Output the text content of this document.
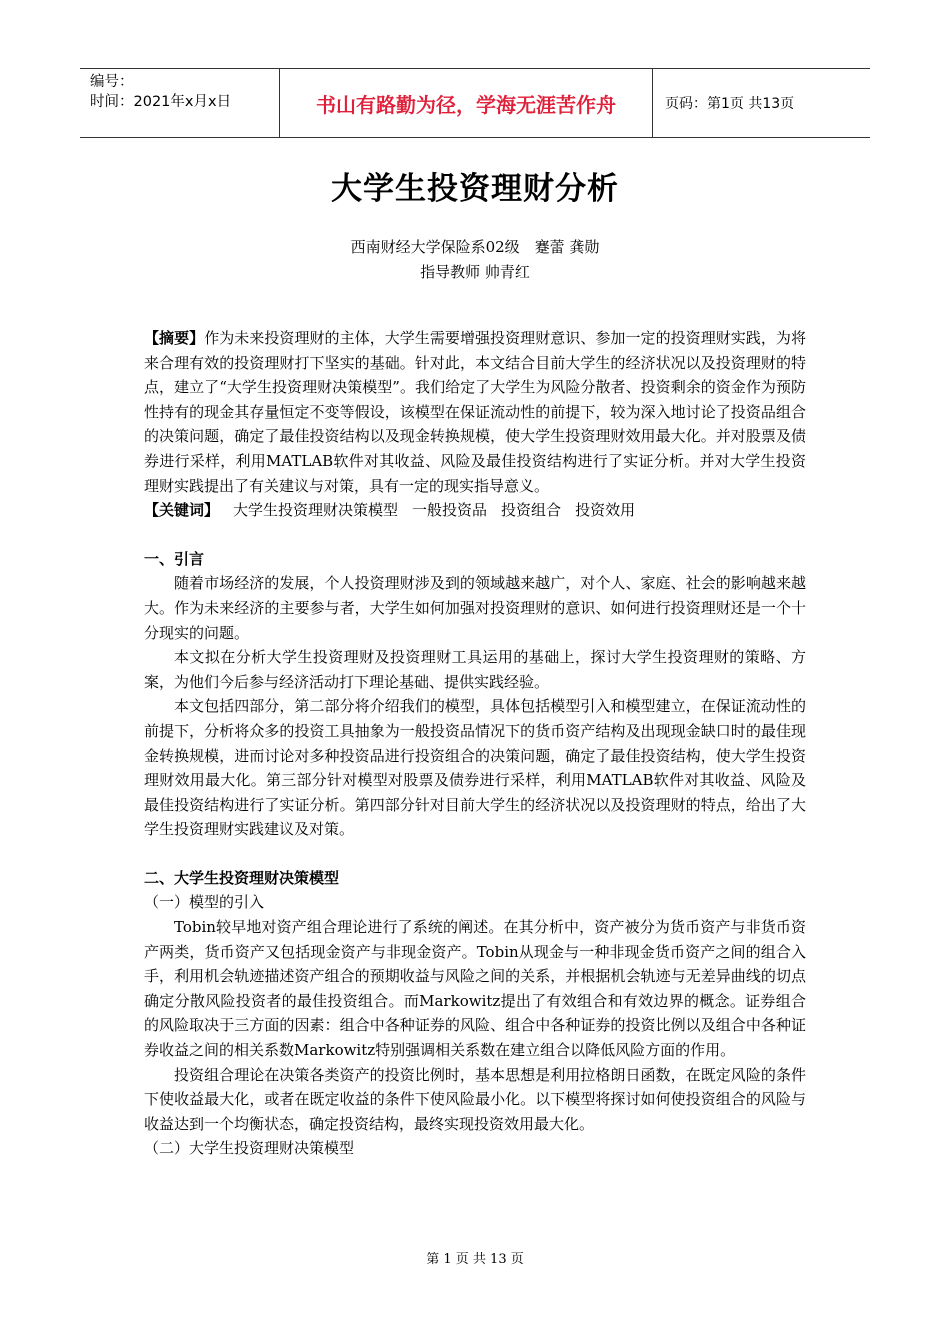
编号：
时间：2021年x月x日	书山有路勤为径，学海无涯苦作舟	页码：第1页 共13页
大学生投资理财分析
西南财经大学保险系02级　蹇蕾 龚勋
指导教师 帅青红

【摘要】作为未来投资理财的主体，大学生需要增强投资理财意识、参加一定的投资理财实践，为将来合理有效的投资理财打下坚实的基础。针对此，本文结合目前大学生的经济状况以及投资理财的特点，建立了“大学生投资理财决策模型”。我们给定了大学生为风险分散者、投资剩余的资金作为预防性持有的现金其存量恒定不变等假设，该模型在保证流动性的前提下，较为深入地讨论了投资品组合的决策问题，确定了最佳投资结构以及现金转换规模，使大学生投资理财效用最大化。并对股票及债券进行采样，利用MATLAB软件对其收益、风险及最佳投资结构进行了实证分析。并对大学生投资理财实践提出了有关建议与对策，具有一定的现实指导意义。

【关键词】 大学生投资理财决策模型 一般投资品 投资组合 投资效用

一、引言

随着市场经济的发展，个人投资理财涉及到的领域越来越广，对个人、家庭、社会的影响越来越大。作为未来经济的主要参与者，大学生如何加强对投资理财的意识、如何进行投资理财还是一个十分现实的问题。

本文拟在分析大学生投资理财及投资理财工具运用的基础上，探讨大学生投资理财的策略、方案，为他们今后参与经济活动打下理论基础、提供实践经验。

本文包括四部分，第二部分将介绍我们的模型，具体包括模型引入和模型建立，在保证流动性的前提下，分析将众多的投资工具抽象为一般投资品情况下的货币资产结构及出现现金缺口时的最佳现金转换规模，进而讨论对多种投资品进行投资组合的决策问题，确定了最佳投资结构，使大学生投资理财效用最大化。第三部分针对模型对股票及债券进行采样，利用MATLAB软件对其收益、风险及最佳投资结构进行了实证分析。第四部分针对目前大学生的经济状况以及投资理财的特点，给出了大学生投资理财实践建议及对策。

二、大学生投资理财决策模型

（一）模型的引入

Tobin较早地对资产组合理论进行了系统的阐述。在其分析中，资产被分为货币资产与非货币资产两类，货币资产又包括现金资产与非现金资产。Tobin从现金与一种非现金货币资产之间的组合入手，利用机会轨迹描述资产组合的预期收益与风险之间的关系，并根据机会轨迹与无差异曲线的切点确定分散风险投资者的最佳投资组合。而Markowitz提出了有效组合和有效边界的概念。证券组合的风险取决于三方面的因素：组合中各种证券的风险、组合中各种证券的投资比例以及组合中各种证券收益之间的相关系数Markowitz特别强调相关系数在建立组合以降低风险方面的作用。

投资组合理论在决策各类资产的投资比例时，基本思想是利用拉格朗日函数，在既定风险的条件下使收益最大化，或者在既定收益的条件下使风险最小化。以下模型将探讨如何使投资组合的风险与收益达到一个均衡状态，确定投资结构，最终实现投资效用最大化。

（二）大学生投资理财决策模型

第 1 页 共 13 页
